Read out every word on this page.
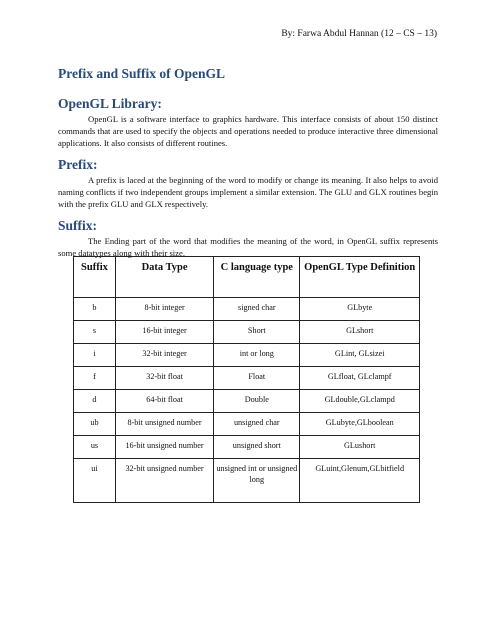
By: Farwa Abdul Hannan (12 – CS – 13)
Prefix and Suffix of OpenGL
OpenGL Library:
OpenGL is a software interface to graphics hardware. This interface consists of about 150 distinct commands that are used to specify the objects and operations needed to produce interactive three dimensional applications. It also consists of different routines.
Prefix:
A prefix is laced at the beginning of the word to modify or change its meaning. It also helps to avoid naming conflicts if two independent groups implement a similar extension. The GLU and GLX routines begin with the prefix GLU and GLX respectively.
Suffix:
The Ending part of the word that modifies the meaning of the word, in OpenGL suffix represents some datatypes along with their size.
Suffix	Data Type	C language type	OpenGL Type Definition
b	8-bit integer	signed char	GLbyte
s	16-bit integer	Short	GLshort
i	32-bit integer	int or long	GLint, GLsizei
f	32-bit float	Float	GLfloat, GLclampf
d	64-bit float	Double	GLdouble,GLclampd
ub	8-bit unsigned number	unsigned char	GLubyte,GLboolean
us	16-bit unsigned number	unsigned short	GLushort
ui	32-bit unsigned number	unsigned int or unsigned long	GLuint,Glenum,GLbitfield
